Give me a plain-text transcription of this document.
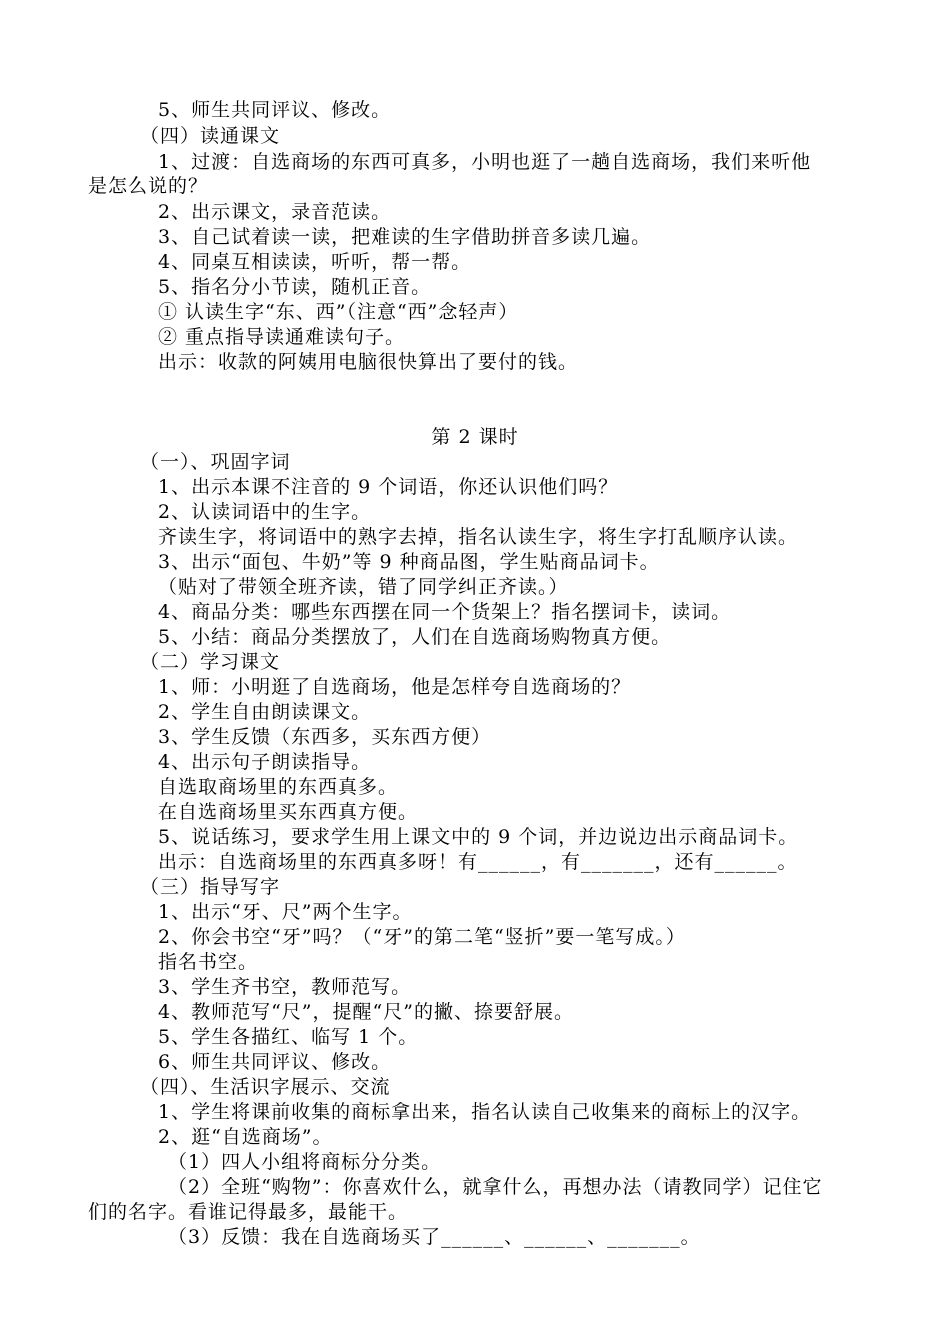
5、师生共同评议、修改。
（四）读通课文
1、过渡：自选商场的东西可真多，小明也逛了一趟自选商场，我们来听他
是怎么说的？
2、出示课文，录音范读。
3、自己试着读一读，把难读的生字借助拼音多读几遍。
4、同桌互相读读，听听，帮一帮。
5、指名分小节读，随机正音。
① 认读生字“东、西”（注意“西”念轻声）
② 重点指导读通难读句子。
出示：收款的阿姨用电脑很快算出了要付的钱。
第 2 课时
（一）、巩固字词
1、出示本课不注音的 9 个词语，你还认识他们吗？
2、认读词语中的生字。
齐读生字，将词语中的熟字去掉，指名认读生字，将生字打乱顺序认读。
3、出示“面包、牛奶”等 9 种商品图，学生贴商品词卡。
（贴对了带领全班齐读，错了同学纠正齐读。）
4、商品分类：哪些东西摆在同一个货架上？指名摆词卡，读词。
5、小结：商品分类摆放了，人们在自选商场购物真方便。
（二）学习课文
1、师：小明逛了自选商场，他是怎样夸自选商场的？
2、学生自由朗读课文。
3、学生反馈（东西多，买东西方便）
4、出示句子朗读指导。
自选取商场里的东西真多。
在自选商场里买东西真方便。
5、说话练习，要求学生用上课文中的 9 个词，并边说边出示商品词卡。
出示：自选商场里的东西真多呀！有______，有_______，还有______。
（三）指导写字
1、出示“牙、尺”两个生字。
2、你会书空“牙”吗？（“牙”的第二笔“竖折”要一笔写成。）
指名书空。
3、学生齐书空，教师范写。
4、教师范写“尺”，提醒“尺”的撇、捺要舒展。
5、学生各描红、临写 1 个。
6、师生共同评议、修改。
（四）、生活识字展示、交流
1、学生将课前收集的商标拿出来，指名认读自己收集来的商标上的汉字。
2、逛“自选商场”。
（1）四人小组将商标分分类。
（2）全班“购物”：你喜欢什么，就拿什么，再想办法（请教同学）记住它
们的名字。看谁记得最多，最能干。
（3）反馈：我在自选商场买了______、______、_______。
